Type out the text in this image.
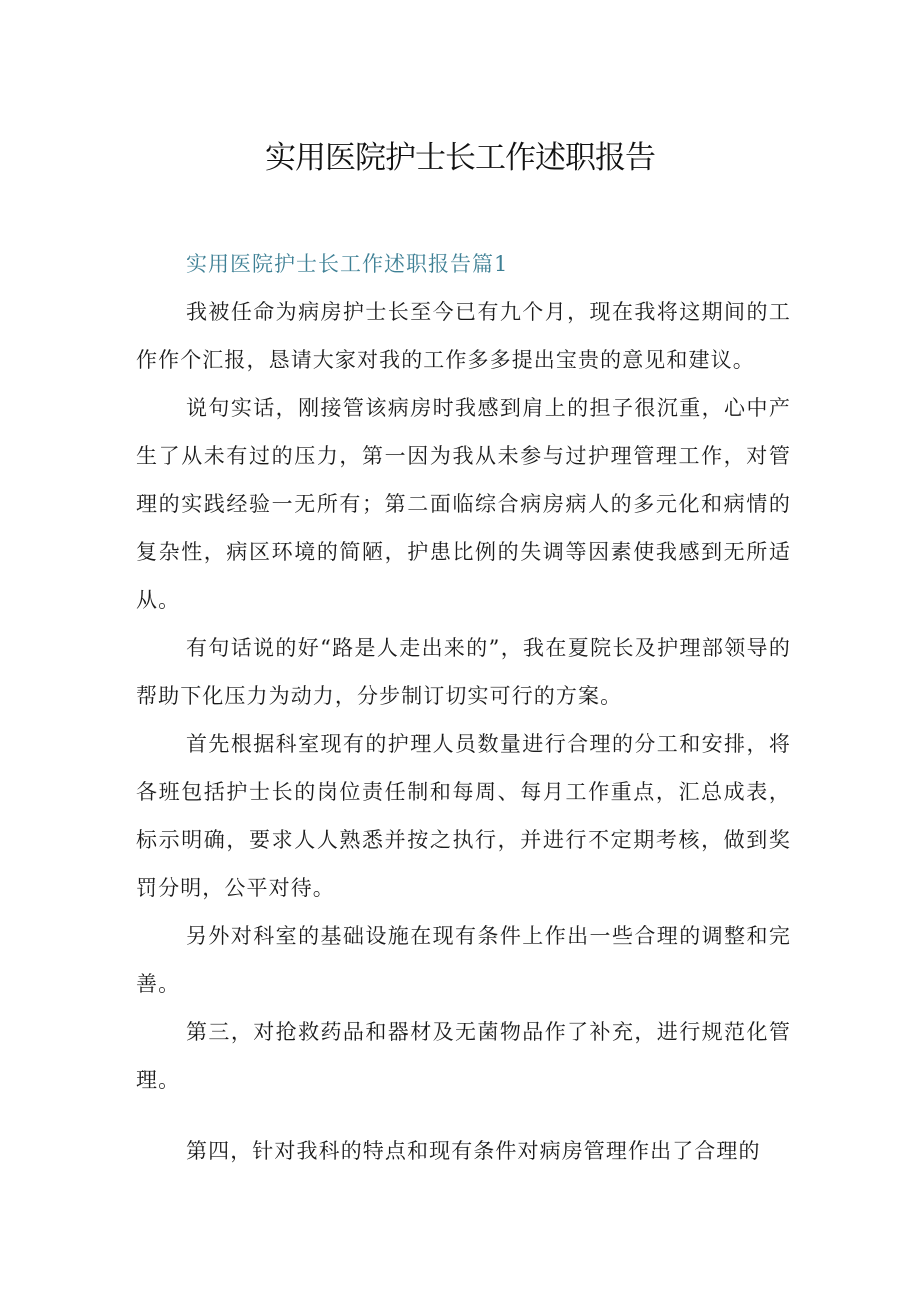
实用医院护士长工作述职报告
实用医院护士长工作述职报告篇1

我被任命为病房护士长至今已有九个月，现在我将这期间的工作作个汇报，恳请大家对我的工作多多提出宝贵的意见和建议。

说句实话，刚接管该病房时我感到肩上的担子很沉重，心中产生了从未有过的压力，第一因为我从未参与过护理管理工作，对管理的实践经验一无所有；第二面临综合病房病人的多元化和病情的复杂性，病区环境的简陋，护患比例的失调等因素使我感到无所适从。

有句话说的好“路是人走出来的”，我在夏院长及护理部领导的帮助下化压力为动力，分步制订切实可行的方案。

首先根据科室现有的护理人员数量进行合理的分工和安排，将各班包括护士长的岗位责任制和每周、每月工作重点，汇总成表，标示明确，要求人人熟悉并按之执行，并进行不定期考核，做到奖罚分明，公平对待。

另外对科室的基础设施在现有条件上作出一些合理的调整和完善。

第三，对抢救药品和器材及无菌物品作了补充，进行规范化管理。

第四，针对我科的特点和现有条件对病房管理作出了合理的
